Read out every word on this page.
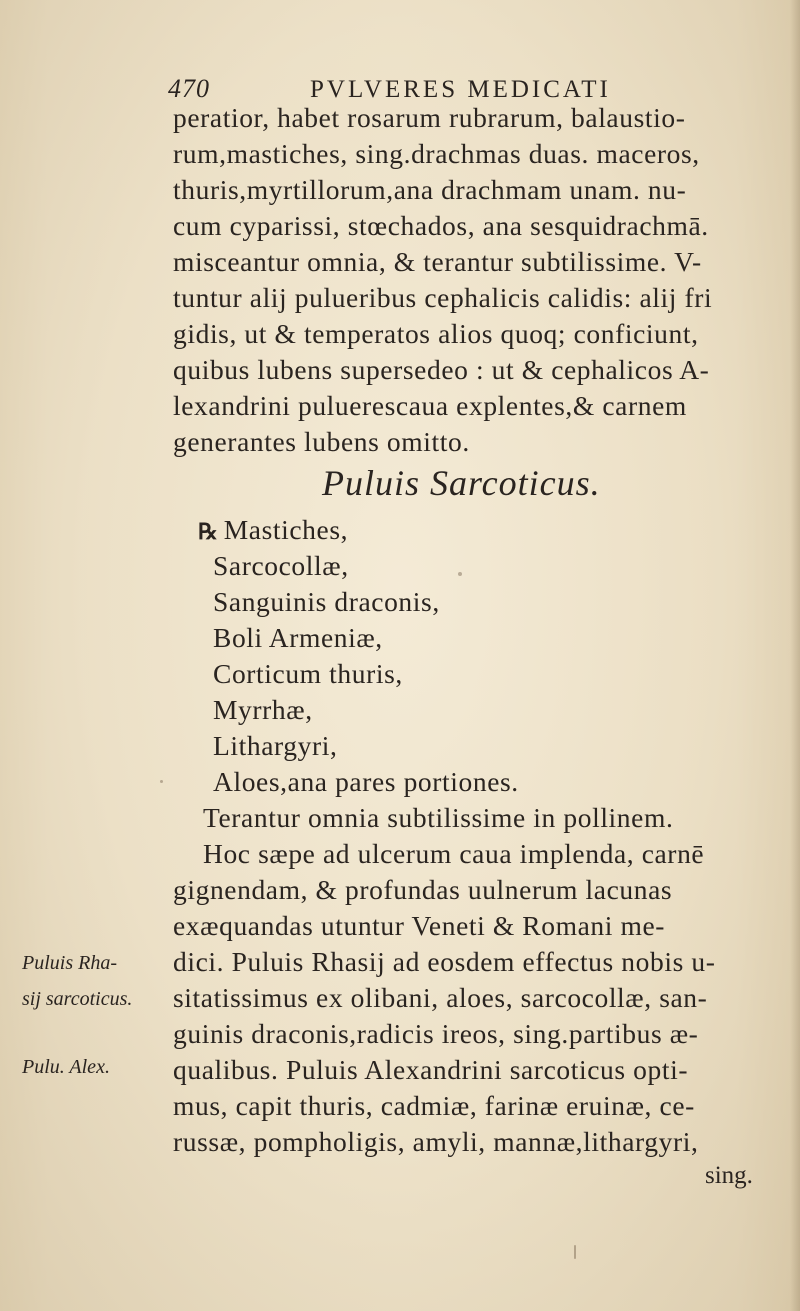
470	PVLVERES MEDICATI
peratior, habet rosarum rubrarum, balaustio-
rum,mastiches, sing.drachmas duas. maceros,
thuris,myrtillorum,ana drachmam unam. nu-
cum cyparissi, stœchados, ana sesquidrachmā.
misceantur omnia, & terantur subtilissime. V-
tuntur alij pulueribus cephalicis calidis: alij fri
gidis, ut & temperatos alios quoq; conficiunt,
quibus lubens supersedeo : ut & cephalicos A-
lexandrini puluerescaua explentes,& carnem
generantes lubens omitto.
℞ Mastiches,
Sarcocollæ,
Sanguinis draconis,
Boli Armeniæ,
Corticum thuris,
Myrrhæ,
Lithargyri,
Aloes,ana pares portiones.
Terantur omnia subtilissime in pollinem.
Hoc sæpe ad ulcerum caua implenda, carnē
gignendam, & profundas uulnerum lacunas
exæquandas utuntur Veneti & Romani me-
dici. Puluis Rhasij ad eosdem effectus nobis u-
sitatissimus ex olibani, aloes, sarcocollæ, san-
guinis draconis,radicis ireos, sing.partibus æ-
qualibus. Puluis Alexandrini sarcoticus opti-
mus, capit thuris, cadmiæ, farinæ eruinæ, ce-
russæ, pompholigis, amyli, mannæ,lithargyri,
Puluis Sarcoticus.
sing.
Puluis Rha-
sij sarcoticus.
Pulu. Alex.
